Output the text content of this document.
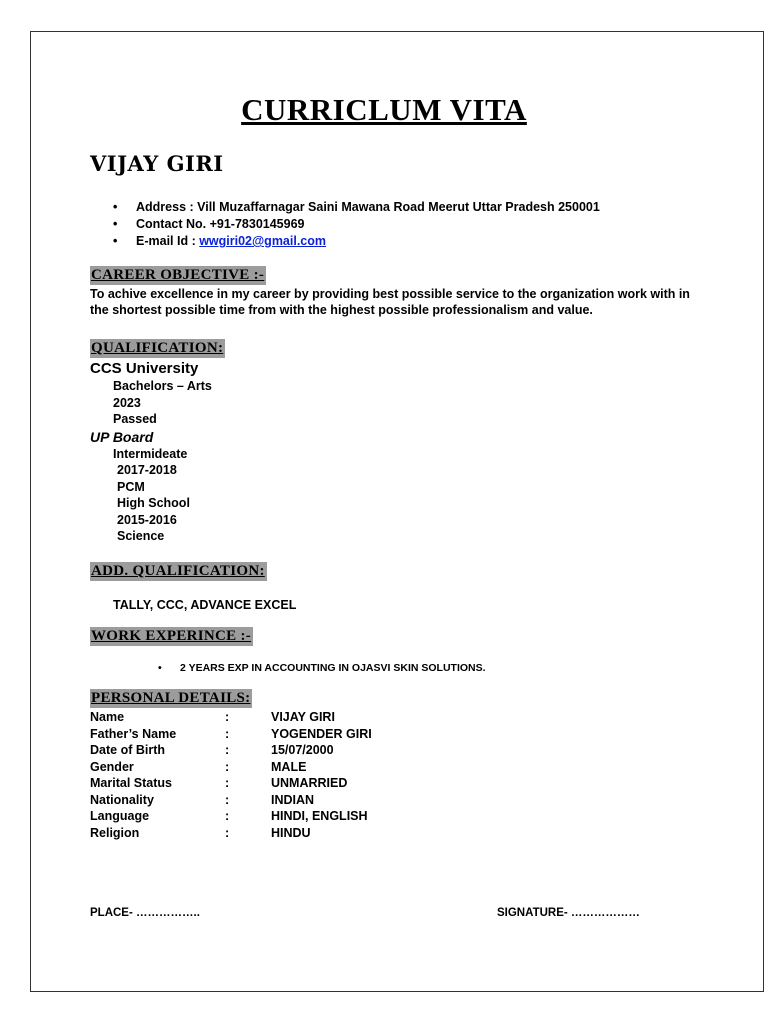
CURRICLUM VITA
VIJAY GIRI
• Address : Vill Muzaffarnagar Saini Mawana Road Meerut Uttar Pradesh 250001
• Contact No. +91-7830145969
• E-mail Id : wwgiri02@gmail.com
CAREER OBJECTIVE :-
To achive excellence in my career by providing best possible service to the organization work with in the shortest possible time from with the highest possible professionalism and value.
QUALIFICATION:
CCS University
Bachelors – Arts
2023
Passed
UP Board
Intermideate
2017-2018
PCM
High School
2015-2016
Science
ADD. QUALIFICATION:
TALLY, CCC, ADVANCE EXCEL
WORK EXPERINCE :-
• 2 YEARS EXP IN ACCOUNTING IN OJASVI SKIN SOLUTIONS.
PERSONAL DETAILS:
Name	:	VIJAY GIRI
Father’s Name	:	YOGENDER GIRI
Date of Birth	:	15/07/2000
Gender	:	MALE
Marital Status	:	UNMARRIED
Nationality	:	INDIAN
Language	:	HINDI, ENGLISH
Religion	:	HINDU
PLACE- ……………..	SIGNATURE- ………………
